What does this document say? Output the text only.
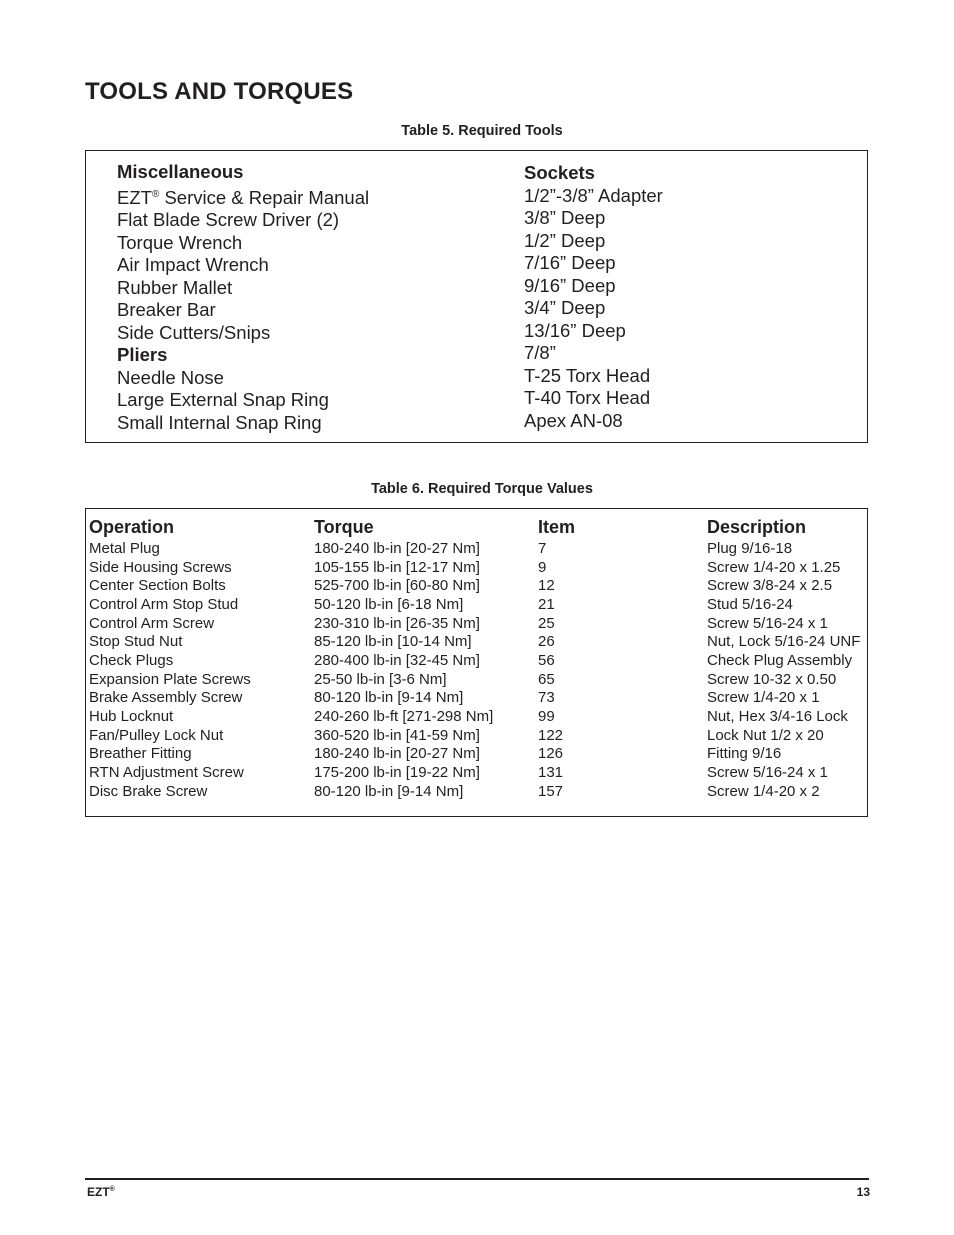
TOOLS AND TORQUES
Table 5. Required Tools
Miscellaneous
EZT® Service & Repair Manual
Flat Blade Screw Driver (2)
Torque Wrench
Air Impact Wrench
Rubber Mallet
Breaker Bar
Side Cutters/Snips
Pliers
Needle Nose
Large External Snap Ring
Small Internal Snap Ring
Sockets
1/2”-3/8” Adapter
3/8” Deep
1/2” Deep
7/16” Deep
9/16” Deep
3/4” Deep
13/16” Deep
7/8”
T-25 Torx Head
T-40 Torx Head
Apex AN-08
Table 6. Required Torque Values
Operation	Torque	Item	Description
Metal Plug	180-240 lb-in [20-27 Nm]	7	Plug 9/16-18
Side Housing Screws	105-155 lb-in [12-17 Nm]	9	Screw 1/4-20 x 1.25
Center Section Bolts	525-700 lb-in [60-80 Nm]	12	Screw 3/8-24 x 2.5
Control Arm Stop Stud	50-120 lb-in [6-18 Nm]	21	Stud 5/16-24
Control Arm Screw	230-310 lb-in [26-35 Nm]	25	Screw 5/16-24 x 1
Stop Stud Nut	85-120 lb-in [10-14 Nm]	26	Nut, Lock 5/16-24 UNF
Check Plugs	280-400 lb-in [32-45 Nm]	56	Check Plug Assembly
Expansion Plate Screws	25-50 lb-in [3-6 Nm]	65	Screw 10-32 x 0.50
Brake Assembly Screw	80-120 lb-in [9-14 Nm]	73	Screw 1/4-20 x 1
Hub Locknut	240-260 lb-ft [271-298 Nm]	99	Nut, Hex 3/4-16 Lock
Fan/Pulley Lock Nut	360-520 lb-in [41-59 Nm]	122	Lock Nut 1/2 x 20
Breather Fitting	180-240 lb-in [20-27 Nm]	126	Fitting 9/16
RTN Adjustment Screw	175-200 lb-in [19-22 Nm]	131	Screw 5/16-24 x 1
Disc Brake Screw	80-120 lb-in [9-14 Nm]	157	Screw 1/4-20 x 2
EZT®	13
